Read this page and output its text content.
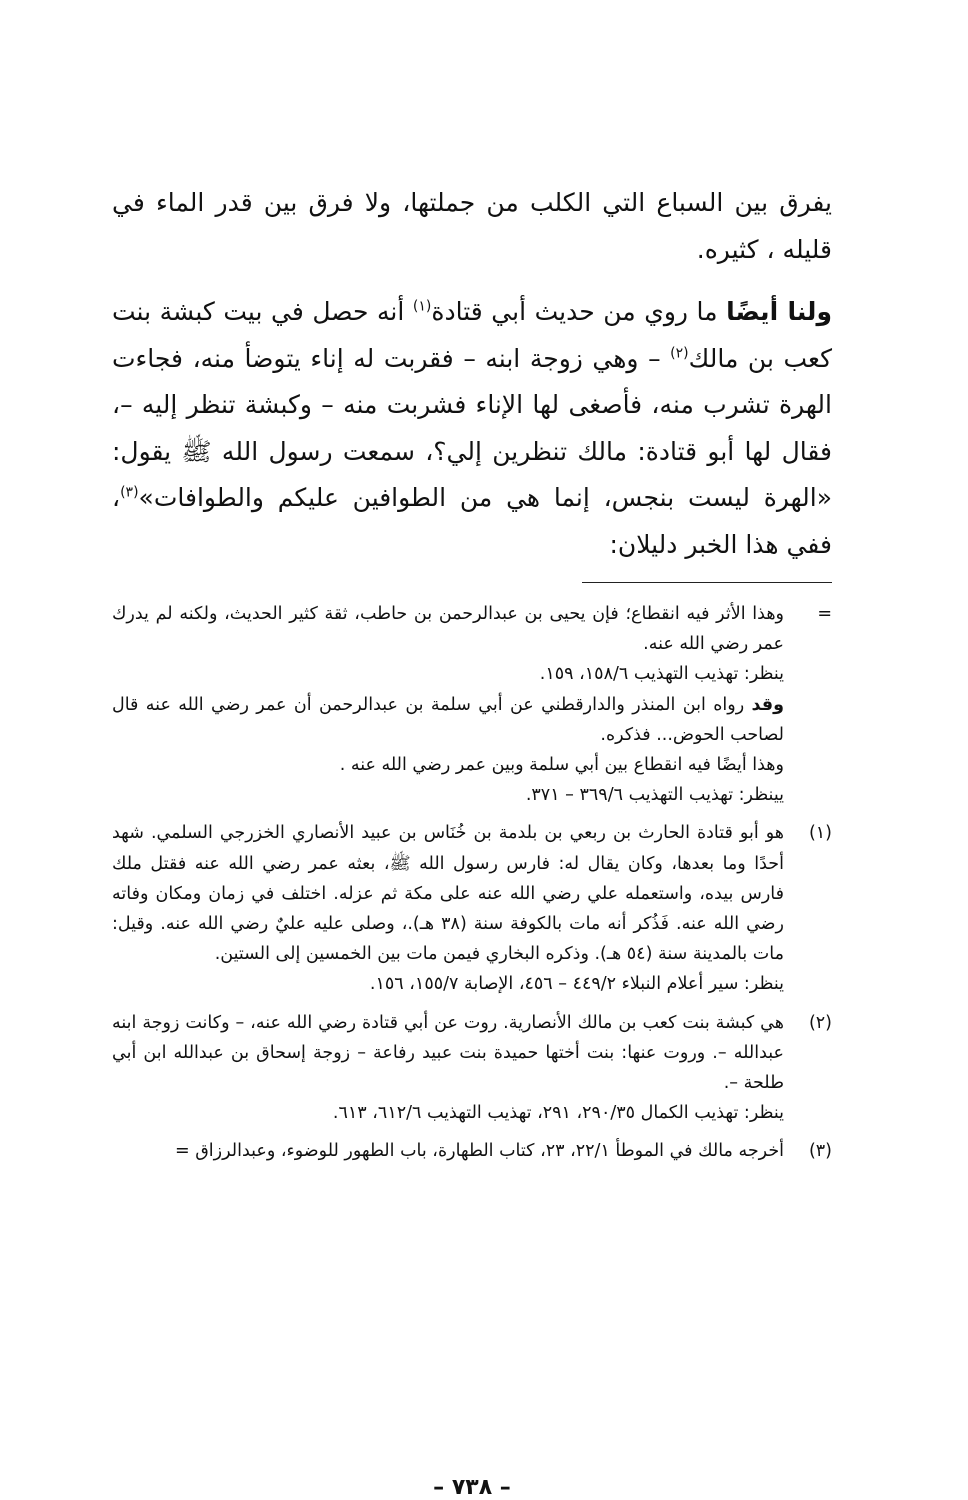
يفرق بين السباع التي الكلب من جملتها، ولا فرق بين قدر الماء في قليله ، كثيره.

ولنا أيضًا ما روي من حديث أبي قتادة$^{(١)}$ أنه حصل في بيت كبشة بنت كعب بن مالك$^{(٢)}$ – وهي زوجة ابنه – فقربت له إناء يتوضأ منه، فجاءت الهرة تشرب منه، فأصغى لها الإناء فشربت منه – وكبشة تنظر إليه –، فقال لها أبو قتادة: مالك تنظرين إلي؟، سمعت رسول الله ﷺ يقول: «الهرة ليست بنجس، إنما هي من الطوافين عليكم والطوافات»$^{(٣)}$، ففي هذا الخبر دليلان:

=
وهذا الأثر فيه انقطاع؛ فإن يحيى بن عبدالرحمن بن حاطب، ثقة كثير الحديث، ولكنه لم يدرك عمر رضي الله عنه.
ينظر: تهذيب التهذيب ١٥٨/٦، ١٥٩.
وقد رواه ابن المنذر والدارقطني عن أبي سلمة بن عبدالرحمن أن عمر رضي الله عنه قال لصاحب الحوض... فذكره.
وهذا أيضًا فيه انقطاع بين أبي سلمة وبين عمر رضي الله عنه .
يينظر: تهذيب التهذيب ٣٦٩/٦ – ٣٧١.
(١)
هو أبو قتادة الحارث بن ربعي بن بلدمة بن خُنَاس بن عبيد الأنصاري الخزرجي السلمي. شهد أحدًا وما بعدها، وكان يقال له: فارس رسول الله ﷺ، بعثه عمر رضي الله عنه فقتل ملك فارس بيده، واستعمله علي رضي الله عنه على مكة ثم عزله. اختلف في زمان ومكان وفاته رضي الله عنه. فَذُكر أنه مات بالكوفة سنة (٣٨ هـ).، وصلى عليه عليٌ رضي الله عنه. وقيل: مات بالمدينة سنة (٥٤ هـ). وذكره البخاري فيمن مات بين الخمسين إلى الستين.
ينظر: سير أعلام النبلاء ٤٤٩/٢ – ٤٥٦، الإصابة ١٥٥/٧، ١٥٦.
(٢)
هي كبشة بنت كعب بن مالك الأنصارية. روت عن أبي قتادة رضي الله عنه، – وكانت زوجة ابنه عبدالله –. وروت عنها: بنت أختها حميدة بنت عبيد رفاعة – زوجة إسحاق بن عبدالله ابن أبي طلحة –.
ينظر: تهذيب الكمال ٢٩٠/٣٥، ٢٩١، تهذيب التهذيب ٦١٢/٦، ٦١٣.
(٣)
أخرجه مالك في الموطأ ٢٢/١، ٢٣، كتاب الطهارة، باب الطهور للوضوء، وعبدالرزاق =
– ٧٣٨ –
